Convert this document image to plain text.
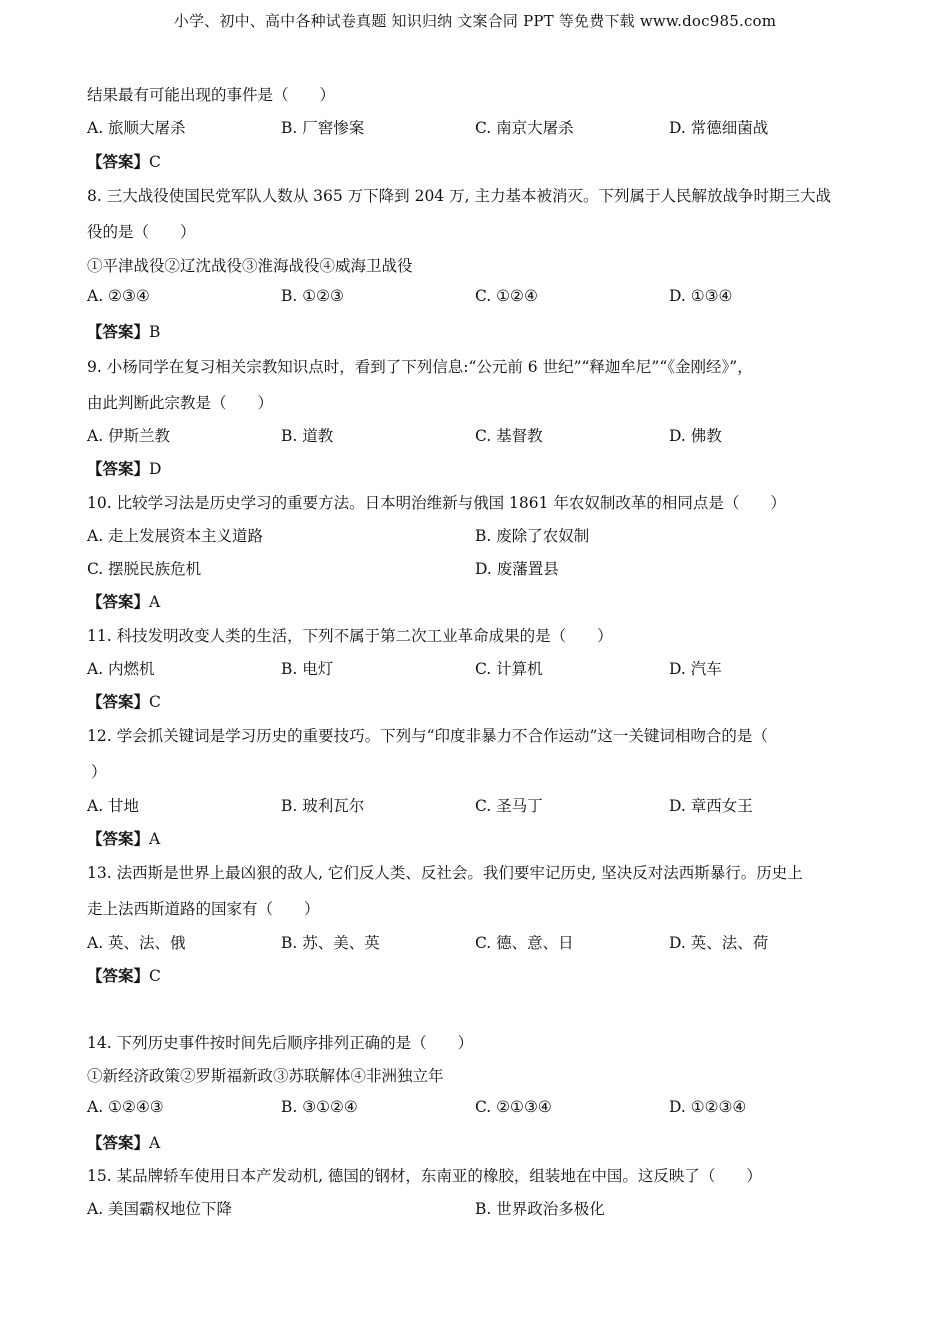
小学、初中、高中各种试卷真题 知识归纳 文案合同 PPT 等免费下载 www.doc985.com
结果最有可能出现的事件是（　　）
A. 旅顺大屠杀	B. 厂窖惨案	C. 南京大屠杀	D. 常德细菌战
【答案】C
8. 三大战役使国民党军队人数从 365 万下降到 204 万, 主力基本被消灭。下列属于人民解放战争时期三大战
役的是（　　）
①平津战役②辽沈战役③淮海战役④威海卫战役
A. ②③④	B. ①②③	C. ①②④	D. ①③④
【答案】B
9. 小杨同学在复习相关宗教知识点时，看到了下列信息:“公元前 6 世纪”“释迦牟尼”“《金刚经》”，
由此判断此宗教是（　　）
A. 伊斯兰教	B. 道教	C. 基督教	D. 佛教
【答案】D
10. 比较学习法是历史学习的重要方法。日本明治维新与俄国 1861 年农奴制改革的相同点是（　　）
A. 走上发展资本主义道路	B. 废除了农奴制
C. 摆脱民族危机	D. 废藩置县
【答案】A
11. 科技发明改变人类的生活，下列不属于第二次工业革命成果的是（　　）
A. 内燃机	B. 电灯	C. 计算机	D. 汽车
【答案】C
12. 学会抓关键词是学习历史的重要技巧。下列与“印度非暴力不合作运动”这一关键词相吻合的是（
）
A. 甘地	B. 玻利瓦尔	C. 圣马丁	D. 章西女王
【答案】A
13. 法西斯是世界上最凶狠的敌人, 它们反人类、反社会。我们要牢记历史, 坚决反对法西斯暴行。历史上
走上法西斯道路的国家有（　　）
A. 英、法、俄	B. 苏、美、英	C. 德、意、日	D. 英、法、荷
【答案】C
14. 下列历史事件按时间先后顺序排列正确的是（　　）
①新经济政策②罗斯福新政③苏联解体④非洲独立年
A. ①②④③	B. ③①②④	C. ②①③④	D. ①②③④
【答案】A
15. 某品牌轿车使用日本产发动机, 德国的钢材，东南亚的橡胶，组装地在中国。这反映了（　　）
A. 美国霸权地位下降	B. 世界政治多极化
